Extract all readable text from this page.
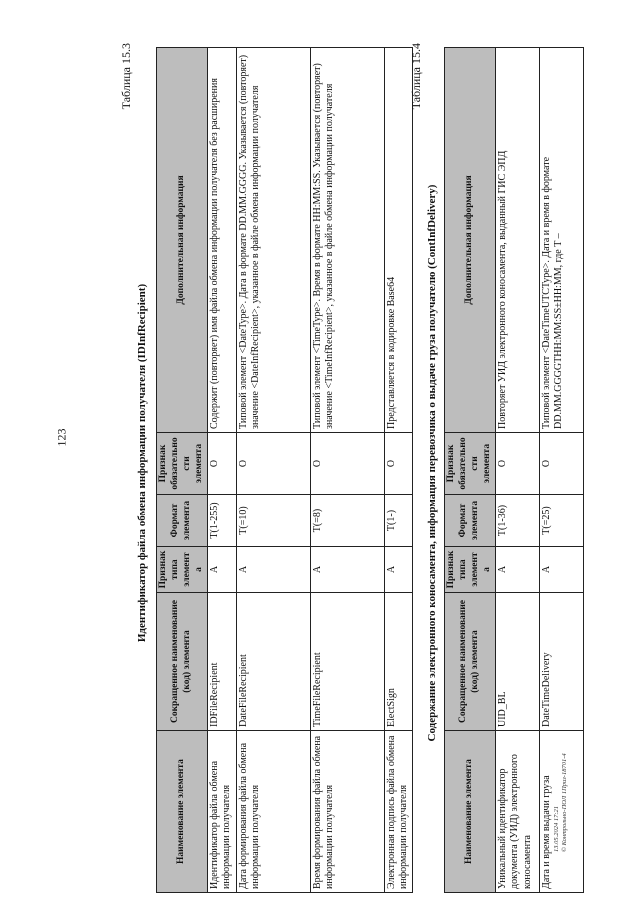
123
13.05.2024 17:21 © Контрольно-ПОЛ 1Приз-18701-4
Таблица 15.3
Идентификатор файла обмена информации получателя (IDInfRecipient)
Наименование элемента	Сокращенное наименование (код) элемента	Признак типа элемента	Формат элемента	Признак обязательности элемента	Дополнительная информация
Идентификатор файла обмена информации получателя	IDFileRecipient	A	T(1-255)	O	Содержит (повторяет) имя файла обмена информации получателя без расширения
Дата формирования файла обмена информации получателя	DateFileRecipient	A	T(=10)	O	Типовой элемент <DateType>. Дата в формате DD.MM.GGGG. Указывается (повторяет) значение <DateInfRecipient>, указанное в файле обмена информации получателя
Время формирования файла обмена информации получателя	TimeFileRecipient	A	T(=8)	O	Типовой элемент <TimeType>. Время в формате HH:MM:SS. Указывается (повторяет) значение <TimeInfRecipient>, указанное в файле обмена информации получателя
Электронная подпись файла обмена информации получателя	ElectSign	A	T(1-)	O	Представляется в кодировке Base64
Таблица 15.4
Содержание электронного коносамента, информация перевозчика о выдаче груза получателю (ContInfDelivery)
Наименование элемента	Сокращенное наименование (код) элемента	Признак типа элемента	Формат элемента	Признак обязательности элемента	Дополнительная информация
Уникальный идентификатор документа (УИД) электронного коносамента	UID_BL	A	T(1-36)	O	Повторяет УИД электронного коносамента, выданный ГИС ЭПД
Дата и время выдачи груза	DateTimeDelivery	A	T(=25)	O	Типовой элемент <DateTimeUTCType>. Дата и время в формате DD.MM.GGGGTHH:MM:SS±HH:MM, где T –
